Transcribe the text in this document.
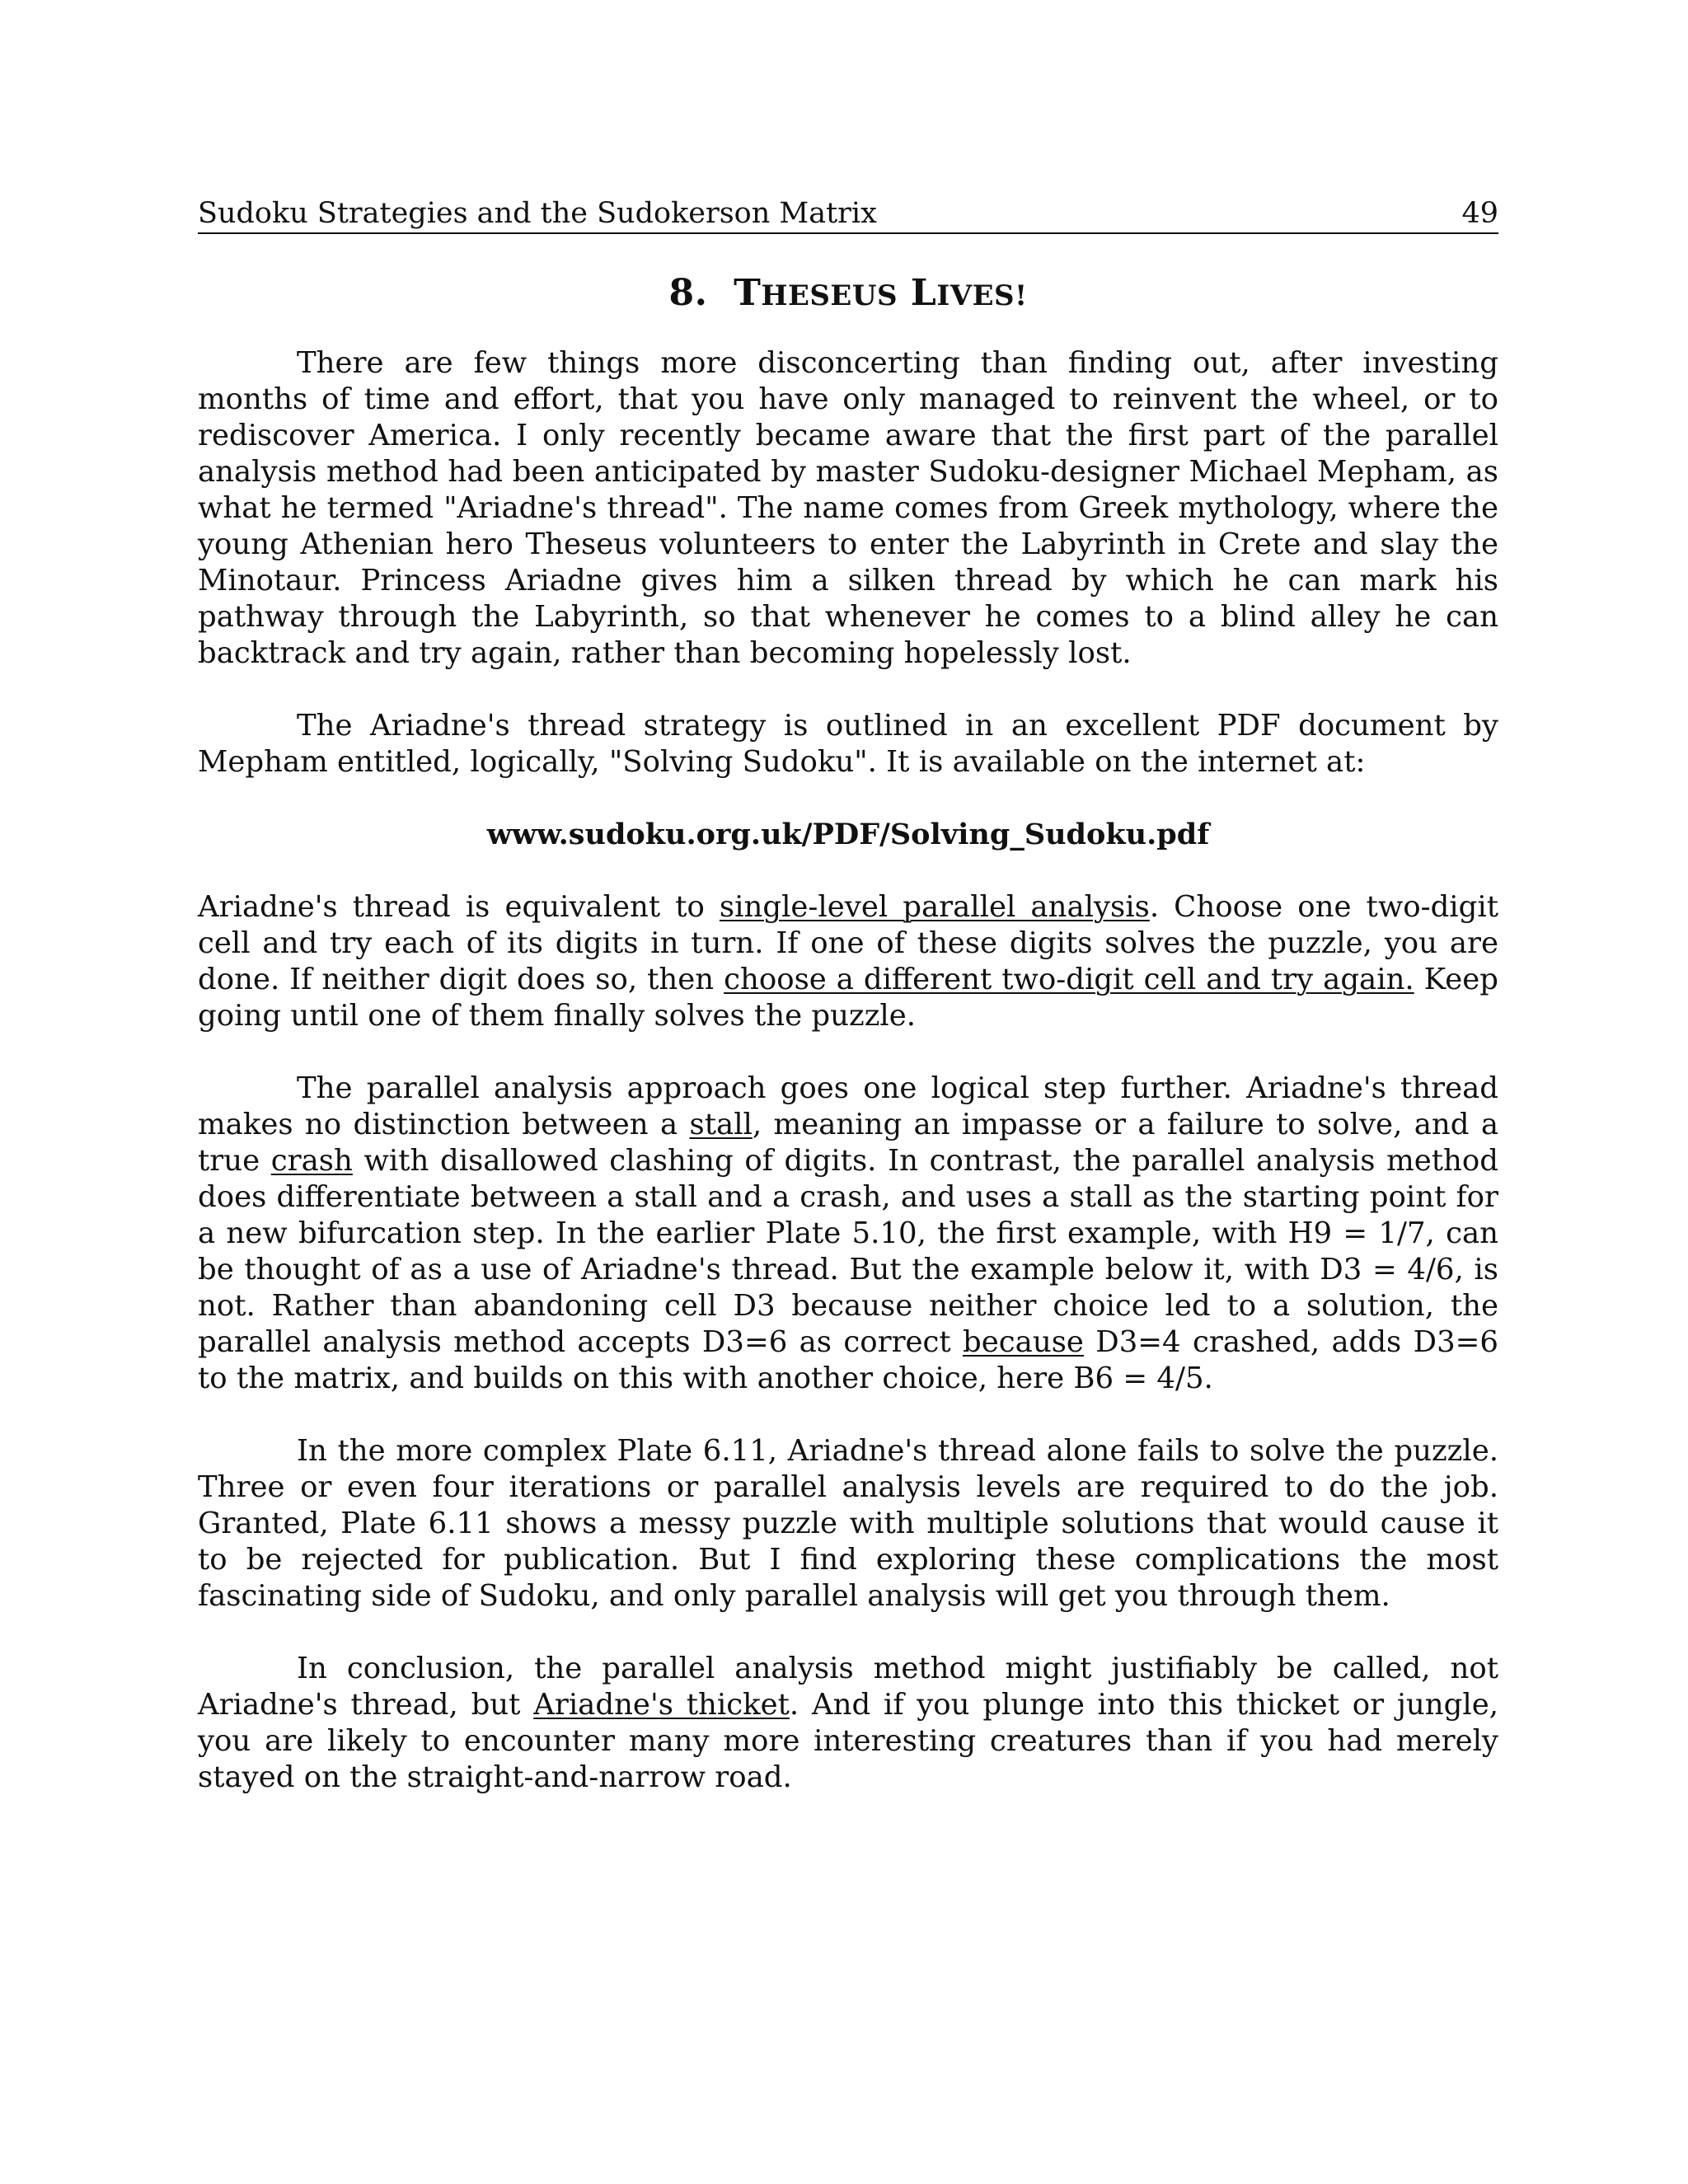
Sudoku Strategies and the Sudokerson Matrix	49
8. THESEUS LIVES!

There are few things more disconcerting than finding out, after investing months of time and effort, that you have only managed to reinvent the wheel, or to rediscover America. I only recently became aware that the first part of the parallel analysis method had been anticipated by master Sudoku-designer Michael Mepham, as what he termed "Ariadne's thread". The name comes from Greek mythology, where the young Athenian hero Theseus volunteers to enter the Labyrinth in Crete and slay the Minotaur. Princess Ariadne gives him a silken thread by which he can mark his pathway through the Labyrinth, so that whenever he comes to a blind alley he can backtrack and try again, rather than becoming hopelessly lost.

The Ariadne's thread strategy is outlined in an excellent PDF document by Mepham entitled, logically, "Solving Sudoku". It is available on the internet at:

www.sudoku.org.uk/PDF/Solving_Sudoku.pdf

Ariadne's thread is equivalent to single-level parallel analysis. Choose one two-digit cell and try each of its digits in turn. If one of these digits solves the puzzle, you are done. If neither digit does so, then choose a different two-digit cell and try again. Keep going until one of them finally solves the puzzle.

The parallel analysis approach goes one logical step further. Ariadne's thread makes no distinction between a stall, meaning an impasse or a failure to solve, and a true crash with disallowed clashing of digits. In contrast, the parallel analysis method does differentiate between a stall and a crash, and uses a stall as the starting point for a new bifurcation step. In the earlier Plate 5.10, the first example, with H9 = 1/7, can be thought of as a use of Ariadne's thread. But the example below it, with D3 = 4/6, is not. Rather than abandoning cell D3 because neither choice led to a solution, the parallel analysis method accepts D3=6 as correct because D3=4 crashed, adds D3=6 to the matrix, and builds on this with another choice, here B6 = 4/5.

In the more complex Plate 6.11, Ariadne's thread alone fails to solve the puzzle. Three or even four iterations or parallel analysis levels are required to do the job. Granted, Plate 6.11 shows a messy puzzle with multiple solutions that would cause it to be rejected for publication. But I find exploring these complications the most fascinating side of Sudoku, and only parallel analysis will get you through them.

In conclusion, the parallel analysis method might justifiably be called, not Ariadne's thread, but Ariadne's thicket. And if you plunge into this thicket or jungle, you are likely to encounter many more interesting creatures than if you had merely stayed on the straight-and-narrow road.
